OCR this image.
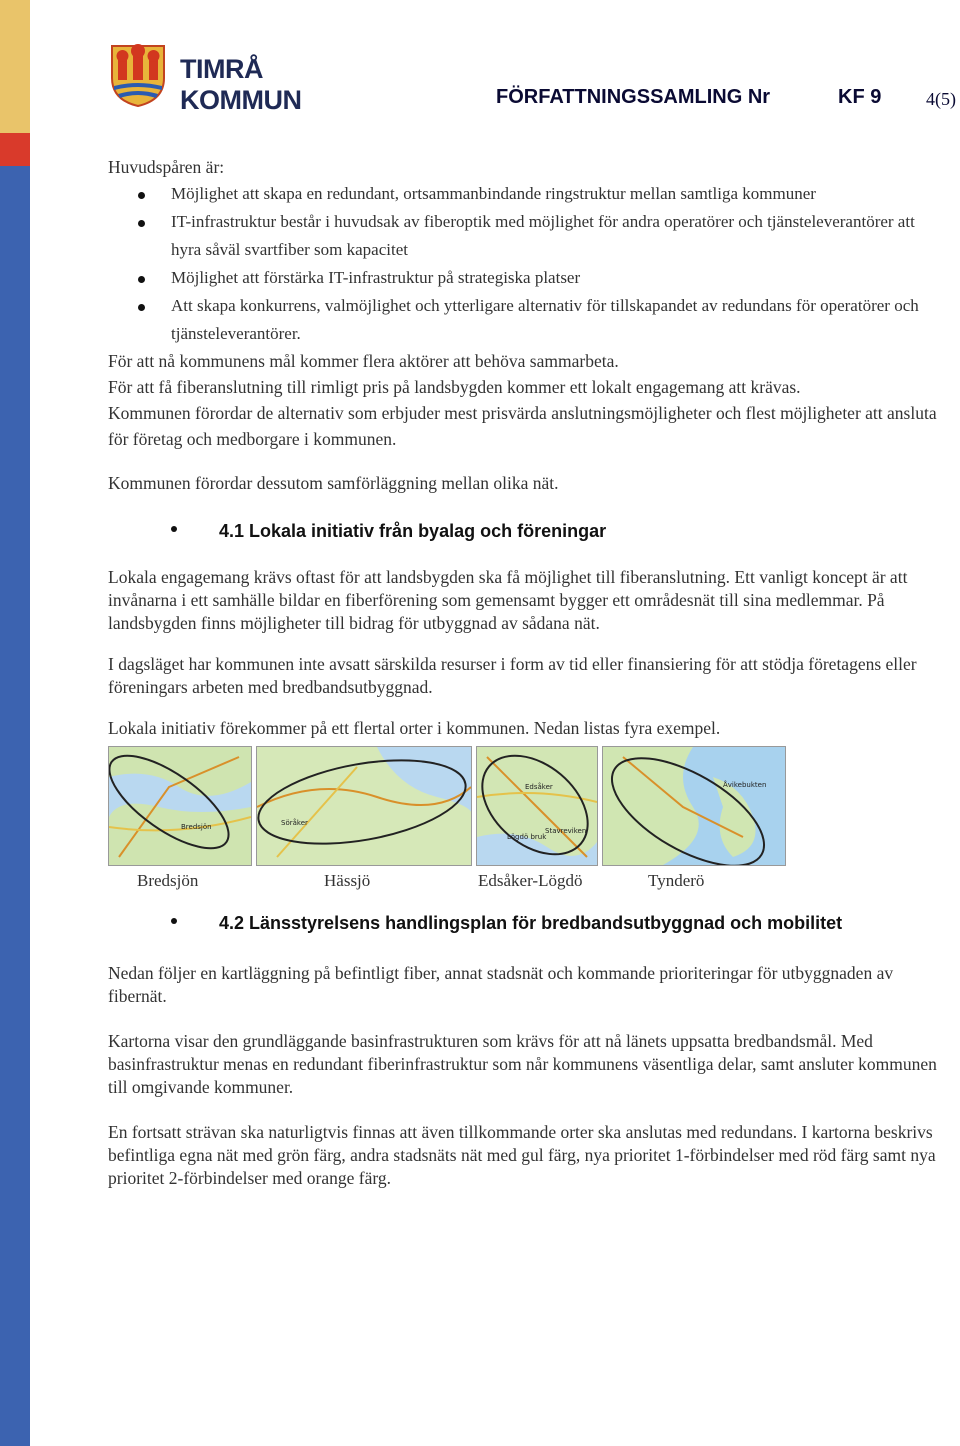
TIMRÅ KOMMUN	FÖRFATTNINGSSAMLING Nr	KF 9 4(5)

Huvudspåren är:

Möjlighet att skapa en redundant, ortsammanbindande ringstruktur mellan samtliga kommuner
IT-infrastruktur består i huvudsak av fiberoptik med möjlighet för andra operatörer och tjänsteleverantörer att hyra såväl svartfiber som kapacitet
Möjlighet att förstärka IT-infrastruktur på strategiska platser
Att skapa konkurrens, valmöjlighet och ytterligare alternativ för tillskapandet av redundans för operatörer och tjänsteleverantörer.

För att nå kommunens mål kommer flera aktörer att behöva sammarbeta.

För att få fiberanslutning till rimligt pris på landsbygden kommer ett lokalt engagemang att krävas.

Kommunen förordar de alternativ som erbjuder mest prisvärda anslutningsmöjligheter och flest möjligheter att ansluta för företag och medborgare i kommunen.

Kommunen förordar dessutom samförläggning mellan olika nät.

4.1 Lokala initiativ från byalag och föreningar

Lokala engagemang krävs oftast för att landsbygden ska få möjlighet till fiberanslutning. Ett vanligt koncept är att invånarna i ett samhälle bildar en fiberförening som gemensamt bygger ett områdesnät till sina medlemmar. På landsbygden finns möjligheter till bidrag för utbyggnad av sådana nät.

I dagsläget har kommunen inte avsatt särskilda resurser i form av tid eller finansiering för att stödja företagens eller föreningars arbeten med bredbandsutbyggnad.

Lokala initiativ förekommer på ett flertal orter i kommunen. Nedan listas fyra exempel.

Bredsjön	Söråker
Edsåker
Lögdö bruk
Stavreviken
Åvikebukten
Bredsjön	Hässjö	Edsåker-Lögdö	Tynderö
4.2 Länsstyrelsens handlingsplan för bredbandsutbyggnad och mobilitet

Nedan följer en kartläggning på befintligt fiber, annat stadsnät och kommande prioriteringar för utbyggnaden av fibernät.

Kartorna visar den grundläggande basinfrastrukturen som krävs för att nå länets uppsatta bredbandsmål. Med basinfrastruktur menas en redundant fiberinfrastruktur som når kommunens väsentliga delar, samt ansluter kommunen till omgivande kommuner.

En fortsatt strävan ska naturligtvis finnas att även tillkommande orter ska anslutas med redundans. I kartorna beskrivs befintliga egna nät med grön färg, andra stadsnäts nät med gul färg, nya prioritet 1-förbindelser med röd färg samt nya prioritet 2-förbindelser med orange färg.
